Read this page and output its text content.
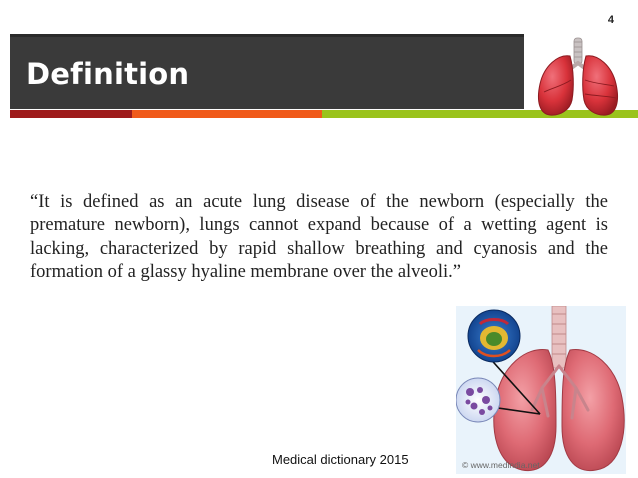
4
Definition

“It is defined as an acute lung disease of the newborn (especially the premature newborn), lungs cannot expand because of a wetting agent is lacking, characterized by rapid shallow breathing and cyanosis and the formation of a glassy hyaline membrane over the alveoli.”

Medical dictionary 2015	© www.medindia.net
